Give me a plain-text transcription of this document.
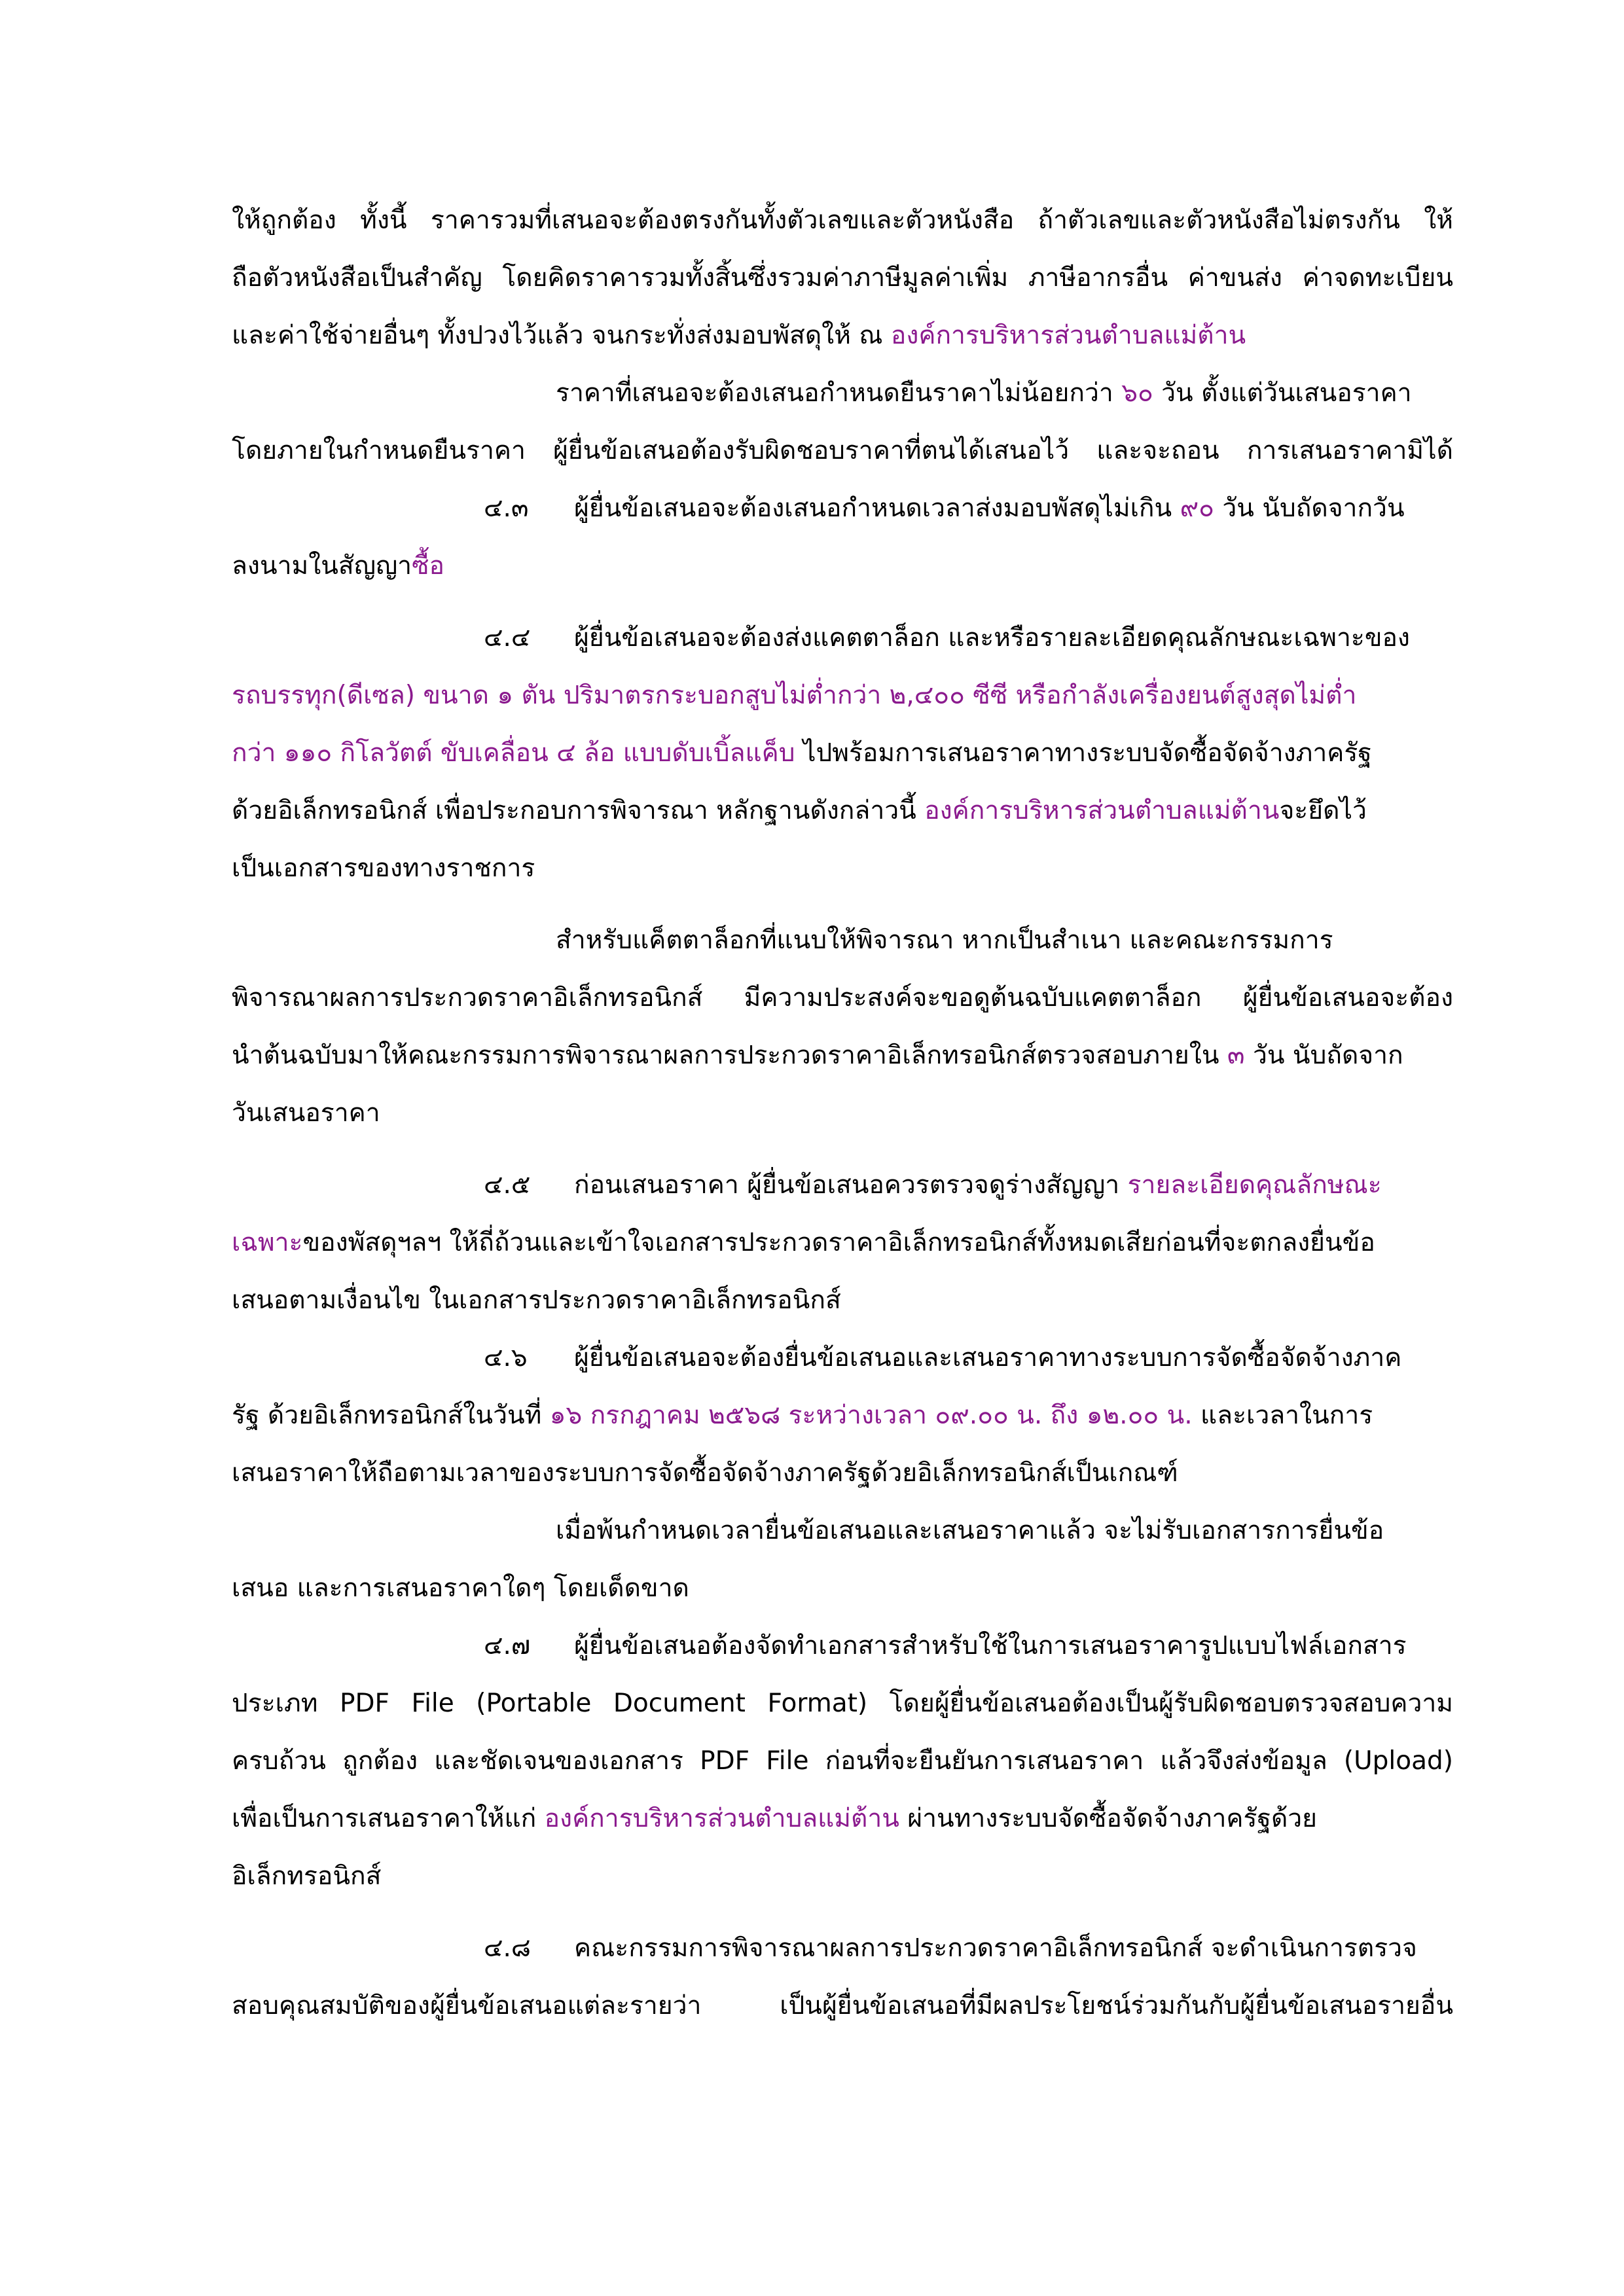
ให้ถูกต้อง ทั้งนี้ ราคารวมที่เสนอจะต้องตรงกันทั้งตัวเลขและตัวหนังสือ ถ้าตัวเลขและตัวหนังสือไม่ตรงกัน ให้
ถือตัวหนังสือเป็นสำคัญ โดยคิดราคารวมทั้งสิ้นซึ่งรวมค่าภาษีมูลค่าเพิ่ม ภาษีอากรอื่น ค่าขนส่ง ค่าจดทะเบียน
และค่าใช้จ่ายอื่นๆ ทั้งปวงไว้แล้ว จนกระทั่งส่งมอบพัสดุให้ ณ องค์การบริหารส่วนตำบลแม่ต้าน
ราคาที่เสนอจะต้องเสนอกำหนดยืนราคาไม่น้อยกว่า ๖๐ วัน ตั้งแต่วันเสนอราคา
โดยภายในกำหนดยืนราคา ผู้ยื่นข้อเสนอต้องรับผิดชอบราคาที่ตนได้เสนอไว้ และจะถอน การเสนอราคามิได้
๔.๓ ผู้ยื่นข้อเสนอจะต้องเสนอกำหนดเวลาส่งมอบพัสดุไม่เกิน ๙๐ วัน นับถัดจากวัน
ลงนามในสัญญาซื้อ
๔.๔ ผู้ยื่นข้อเสนอจะต้องส่งแคตตาล็อก และหรือรายละเอียดคุณลักษณะเฉพาะของ
รถบรรทุก(ดีเซล) ขนาด ๑ ตัน ปริมาตรกระบอกสูบไม่ต่ำกว่า ๒,๔๐๐ ซีซี หรือกำลังเครื่องยนต์สูงสุดไม่ต่ำ
กว่า ๑๑๐ กิโลวัตต์ ขับเคลื่อน ๔ ล้อ แบบดับเบิ้ลแค็บ ไปพร้อมการเสนอราคาทางระบบจัดซื้อจัดจ้างภาครัฐ
ด้วยอิเล็กทรอนิกส์ เพื่อประกอบการพิจารณา หลักฐานดังกล่าวนี้ องค์การบริหารส่วนตำบลแม่ต้านจะยึดไว้
เป็นเอกสารของทางราชการ
สำหรับแค็ตตาล็อกที่แนบให้พิจารณา หากเป็นสำเนา และคณะกรรมการ
พิจารณาผลการประกวดราคาอิเล็กทรอนิกส์ มีความประสงค์จะขอดูต้นฉบับแคตตาล็อก ผู้ยื่นข้อเสนอจะต้อง
นำต้นฉบับมาให้คณะกรรมการพิจารณาผลการประกวดราคาอิเล็กทรอนิกส์ตรวจสอบภายใน ๓ วัน นับถัดจาก
วันเสนอราคา
๔.๕ ก่อนเสนอราคา ผู้ยื่นข้อเสนอควรตรวจดูร่างสัญญา รายละเอียดคุณลักษณะ
เฉพาะของพัสดุฯลฯ ให้ถี่ถ้วนและเข้าใจเอกสารประกวดราคาอิเล็กทรอนิกส์ทั้งหมดเสียก่อนที่จะตกลงยื่นข้อ
เสนอตามเงื่อนไข ในเอกสารประกวดราคาอิเล็กทรอนิกส์
๔.๖ ผู้ยื่นข้อเสนอจะต้องยื่นข้อเสนอและเสนอราคาทางระบบการจัดซื้อจัดจ้างภาค
รัฐ ด้วยอิเล็กทรอนิกส์ในวันที่ ๑๖ กรกฎาคม ๒๕๖๘ ระหว่างเวลา ๐๙.๐๐ น. ถึง ๑๒.๐๐ น. และเวลาในการ
เสนอราคาให้ถือตามเวลาของระบบการจัดซื้อจัดจ้างภาครัฐด้วยอิเล็กทรอนิกส์เป็นเกณฑ์
เมื่อพ้นกำหนดเวลายื่นข้อเสนอและเสนอราคาแล้ว จะไม่รับเอกสารการยื่นข้อ
เสนอ และการเสนอราคาใดๆ โดยเด็ดขาด
๔.๗ ผู้ยื่นข้อเสนอต้องจัดทำเอกสารสำหรับใช้ในการเสนอราคารูปแบบไฟล์เอกสาร
ประเภท PDF File (Portable Document Format) โดยผู้ยื่นข้อเสนอต้องเป็นผู้รับผิดชอบตรวจสอบความ
ครบถ้วน ถูกต้อง และชัดเจนของเอกสาร PDF File ก่อนที่จะยืนยันการเสนอราคา แล้วจึงส่งข้อมูล (Upload)
เพื่อเป็นการเสนอราคาให้แก่ องค์การบริหารส่วนตำบลแม่ต้าน ผ่านทางระบบจัดซื้อจัดจ้างภาครัฐด้วย
อิเล็กทรอนิกส์
๔.๘ คณะกรรมการพิจารณาผลการประกวดราคาอิเล็กทรอนิกส์ จะดำเนินการตรวจ
สอบคุณสมบัติของผู้ยื่นข้อเสนอแต่ละรายว่า เป็นผู้ยื่นข้อเสนอที่มีผลประโยชน์ร่วมกันกับผู้ยื่นข้อเสนอรายอื่น
